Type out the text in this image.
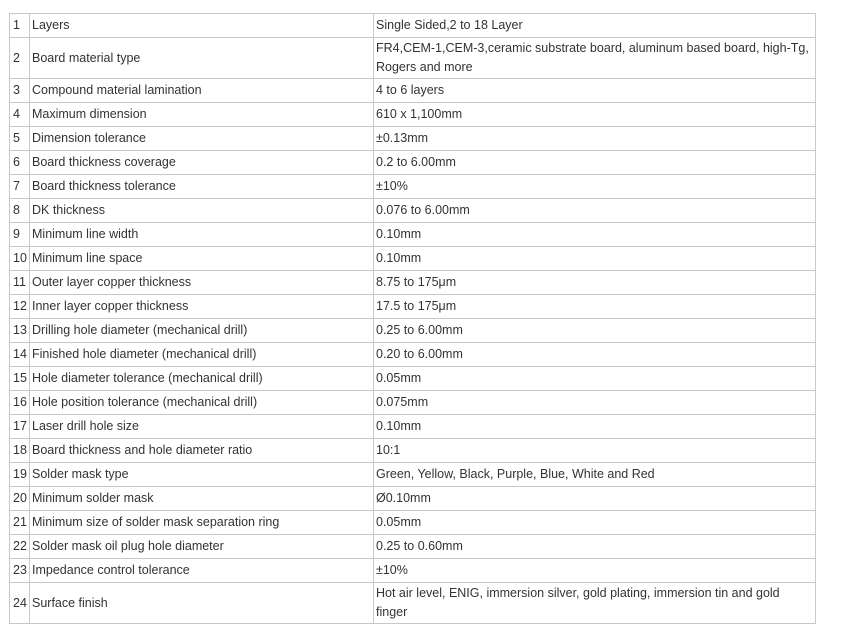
1	Layers	Single Sided,2 to 18 Layer
2	Board material type	FR4,CEM-1,CEM-3,ceramic substrate board, aluminum based board, high-Tg, Rogers and more
3	Compound material lamination	4 to 6 layers
4	Maximum dimension	610 x 1,100mm
5	Dimension tolerance	±0.13mm
6	Board thickness coverage	0.2 to 6.00mm
7	Board thickness tolerance	±10%
8	DK thickness	0.076 to 6.00mm
9	Minimum line width	0.10mm
10	Minimum line space	0.10mm
11	Outer layer copper thickness	8.75 to 175μm
12	Inner layer copper thickness	17.5 to 175μm
13	Drilling hole diameter (mechanical drill)	0.25 to 6.00mm
14	Finished hole diameter (mechanical drill)	0.20 to 6.00mm
15	Hole diameter tolerance (mechanical drill)	0.05mm
16	Hole position tolerance (mechanical drill)	0.075mm
17	Laser drill hole size	0.10mm
18	Board thickness and hole diameter ratio	10:1
19	Solder mask type	Green, Yellow, Black, Purple, Blue, White and Red
20	Minimum solder mask	Ø0.10mm
21	Minimum size of solder mask separation ring	0.05mm
22	Solder mask oil plug hole diameter	0.25 to 0.60mm
23	Impedance control tolerance	±10%
24	Surface finish	Hot air level, ENIG, immersion silver, gold plating, immersion tin and gold finger
